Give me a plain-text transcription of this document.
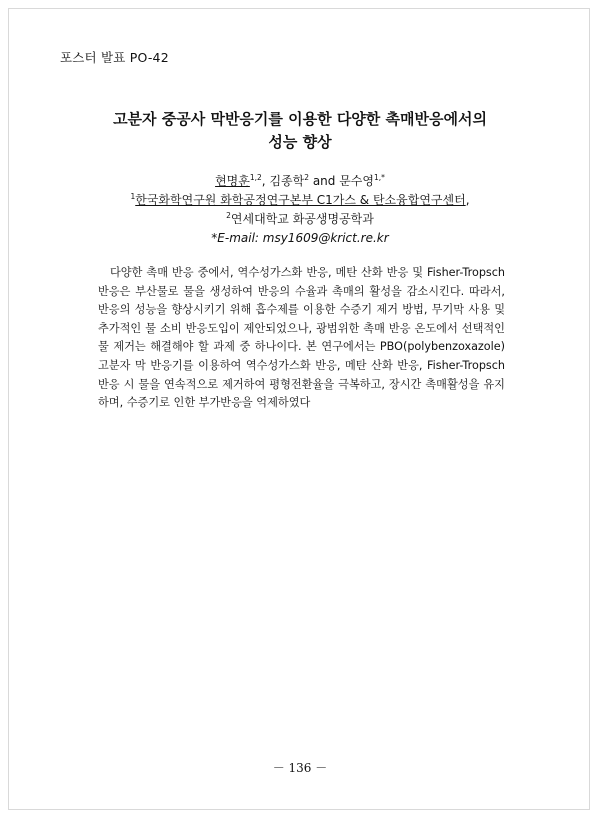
포스터 발표 PO-42
고분자 중공사 막반응기를 이용한 다양한 촉매반응에서의
성능 향상
현명훈$^{1,2}$, 김종학$^2$ and 문수영$^{1,*}$
$^1$한국화학연구원 화학공정연구본부 C1가스 & 탄소융합연구센터,
$^2$연세대학교 화공생명공학과
*E-mail: msy1609@krict.re.kr

다양한 촉매 반응 중에서, 역수성가스화 반응, 메탄 산화 반응 및 Fisher-Tropsch 반응은 부산물로 물을 생성하여 반응의 수율과 촉매의 활성을 감소시킨다. 따라서, 반응의 성능을 향상시키기 위해 흡수제를 이용한 수증기 제거 방법, 무기막 사용 및 추가적인 물 소비 반응도입이 제안되었으나, 광범위한 촉매 반응 온도에서 선택적인 물 제거는 해결해야 할 과제 중 하나이다. 본 연구에서는 PBO(polybenzoxazole) 고분자 막 반응기를 이용하여 역수성가스화 반응, 메탄 산화 반응, Fisher-Tropsch 반응 시 물을 연속적으로 제거하여 평형전환율을 극복하고, 장시간 촉매활성을 유지하며, 수증기로 인한 부가반응을 억제하였다

－ 136 －
